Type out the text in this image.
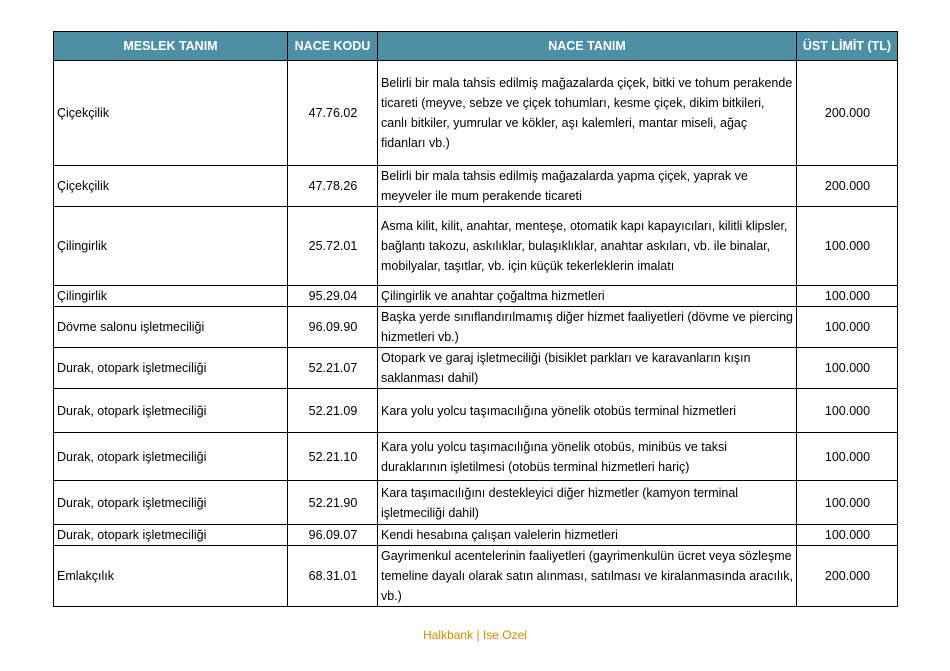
MESLEK TANIM	NACE KODU	NACE TANIM	ÜST LİMİT (TL)
Çiçekçilik	47.76.02	Belirli bir mala tahsis edilmiş mağazalarda çiçek, bitki ve tohum perakende ticareti (meyve, sebze ve çiçek tohumları, kesme çiçek, dikim bitkileri, canlı bitkiler, yumrular ve kökler, aşı kalemleri, mantar miseli, ağaç fidanları vb.)	200.000
Çiçekçilik	47.78.26	Belirli bir mala tahsis edilmiş mağazalarda yapma çiçek, yaprak ve meyveler ile mum perakende ticareti	200.000
Çilingirlik	25.72.01	Asma kilit, kilit, anahtar, menteşe, otomatik kapı kapayıcıları, kilitli klipsler, bağlantı takozu, askılıklar, bulaşıklıklar, anahtar askıları, vb. ile binalar, mobilyalar, taşıtlar, vb. için küçük tekerleklerin imalatı	100.000
Çilingirlik	95.29.04	Çilingirlik ve anahtar çoğaltma hizmetleri	100.000
Dövme salonu işletmeciliği	96.09.90	Başka yerde sınıflandırılmamış diğer hizmet faaliyetleri (dövme ve piercing hizmetleri vb.)	100.000
Durak, otopark işletmeciliği	52.21.07	Otopark ve garaj işletmeciliği (bisiklet parkları ve karavanların kışın saklanması dahil)	100.000
Durak, otopark işletmeciliği	52.21.09	Kara yolu yolcu taşımacılığına yönelik otobüs terminal hizmetleri	100.000
Durak, otopark işletmeciliği	52.21.10	Kara yolu yolcu taşımacılığına yönelik otobüs, minibüs ve taksi duraklarının işletilmesi (otobüs terminal hizmetleri hariç)	100.000
Durak, otopark işletmeciliği	52.21.90	Kara taşımacılığını destekleyici diğer hizmetler (kamyon terminal işletmeciliği dahil)	100.000
Durak, otopark işletmeciliği	96.09.07	Kendi hesabına çalışan valelerin hizmetleri	100.000
Emlakçılık	68.31.01	Gayrimenkul acentelerinin faaliyetleri (gayrimenkulün ücret veya sözleşme temeline dayalı olarak satın alınması, satılması ve kiralanmasında aracılık, vb.)	200.000
Halkbank | Ise Ozel
